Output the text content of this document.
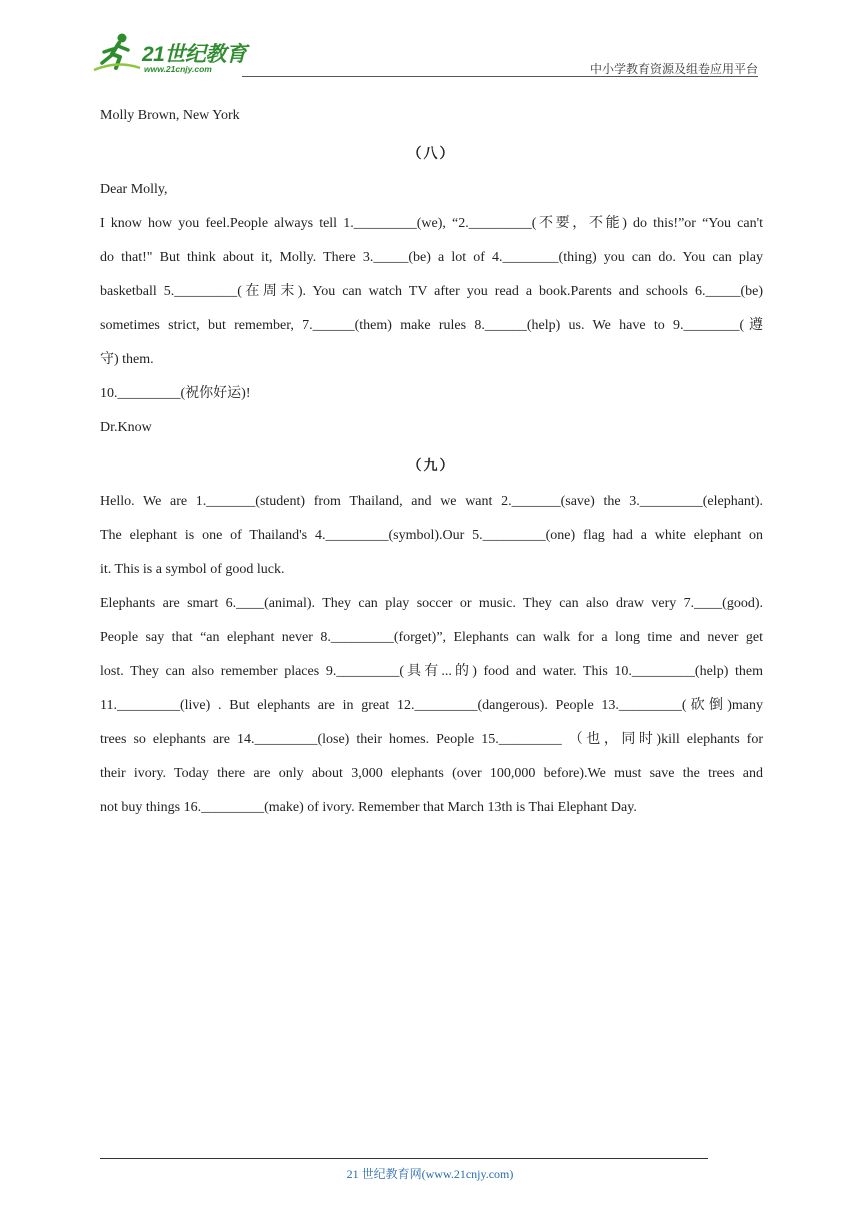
21世纪教育
www.21cnjy.com	中小学教育资源及组卷应用平台
Molly Brown, New York
（八）
Dear Molly,
I know how you feel.People always tell 1._________(we), “2._________(不要，不能) do this!”or “You can't
do that!" But think about it, Molly. There 3._____(be) a lot of 4.________(thing) you can do. You can play
basketball 5._________(在周末). You can watch TV after you read a book.Parents and schools 6._____(be)
sometimes strict, but remember, 7.______(them) make rules 8.______(help) us. We have to 9.________(遵
守) them.
10._________(祝你好运)!
Dr.Know
（九）
Hello. We are 1._______(student) from Thailand, and we want 2._______(save) the 3._________(elephant).
The elephant is one of Thailand's 4._________(symbol).Our 5._________(one) flag had a white elephant on
it. This is a symbol of good luck.
Elephants are smart 6.____(animal). They can play soccer or music. They can also draw very 7.____(good).
People say that “an elephant never 8._________(forget)”, Elephants can walk for a long time and never get
lost. They can also remember places 9._________(具有...的) food and water. This 10._________(help) them
11._________(live) . But elephants are in great 12._________(dangerous). People 13._________(砍倒)many
trees so elephants are 14._________(lose) their homes. People 15._________ （也，同时)kill elephants for
their ivory. Today there are only about 3,000 elephants (over 100,000 before).We must save the trees and
not buy things 16._________(make) of ivory. Remember that March 13th is Thai Elephant Day.
21 世纪教育网(www.21cnjy.com)
